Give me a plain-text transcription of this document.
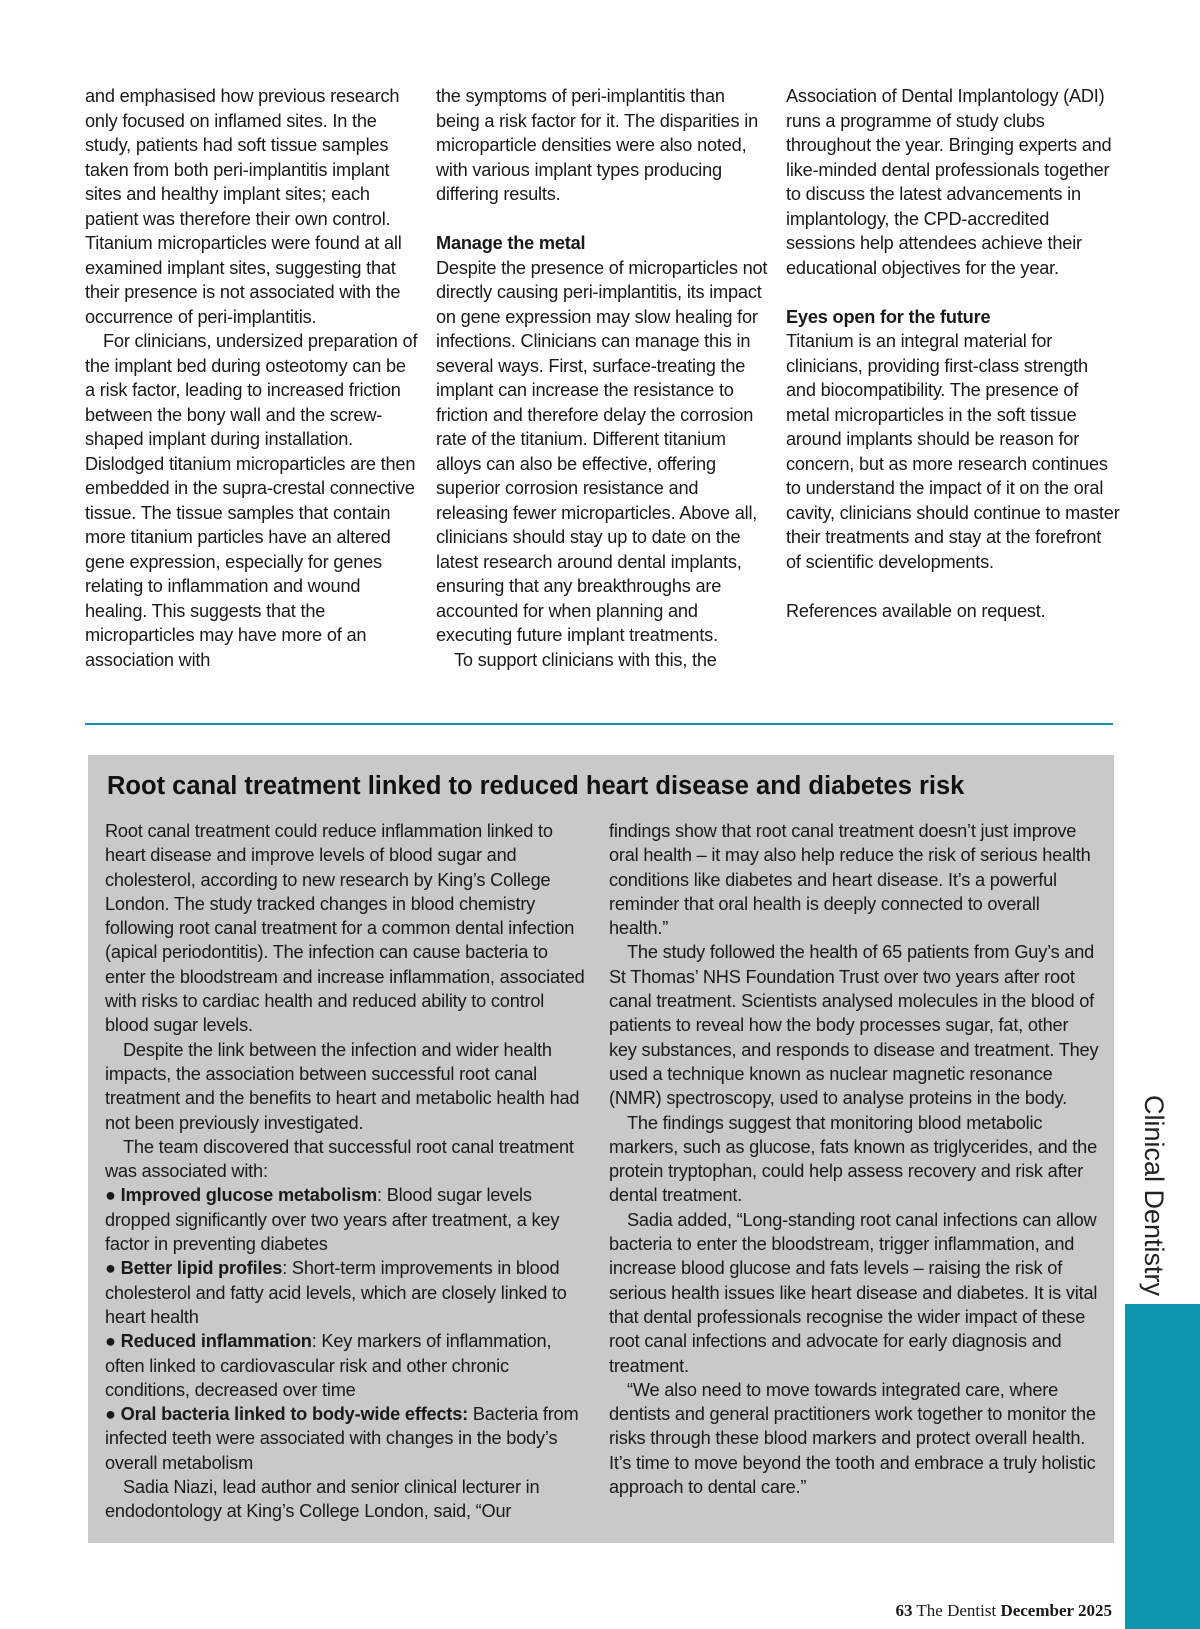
and emphasised how previous research only focused on inflamed sites. In the study, patients had soft tissue samples taken from both peri-implantitis implant sites and healthy implant sites; each patient was therefore their own control. Titanium microparticles were found at all examined implant sites, suggesting that their presence is not associated with the occurrence of peri-implantitis.

For clinicians, undersized preparation of the implant bed during osteotomy can be a risk factor, leading to increased friction between the bony wall and the screw-shaped implant during installation. Dislodged titanium microparticles are then embedded in the supra-crestal connective tissue. The tissue samples that contain more titanium particles have an altered gene expression, especially for genes relating to inflammation and wound healing. This suggests that the microparticles may have more of an association with

the symptoms of peri-implantitis than being a risk factor for it. The disparities in microparticle densities were also noted, with various implant types producing differing results.

Manage the metal

Despite the presence of microparticles not directly causing peri-implantitis, its impact on gene expression may slow healing for infections. Clinicians can manage this in several ways. First, surface-treating the implant can increase the resistance to friction and therefore delay the corrosion rate of the titanium. Different titanium alloys can also be effective, offering superior corrosion resistance and releasing fewer microparticles. Above all, clinicians should stay up to date on the latest research around dental implants, ensuring that any breakthroughs are accounted for when planning and executing future implant treatments.

To support clinicians with this, the

Association of Dental Implantology (ADI) runs a programme of study clubs throughout the year. Bringing experts and like-minded dental professionals together to discuss the latest advancements in implantology, the CPD-accredited sessions help attendees achieve their educational objectives for the year.

Eyes open for the future

Titanium is an integral material for clinicians, providing first-class strength and biocompatibility. The presence of metal microparticles in the soft tissue around implants should be reason for concern, but as more research continues to understand the impact of it on the oral cavity, clinicians should continue to master their treatments and stay at the forefront of scientific developments.

References available on request.

Root canal treatment linked to reduced heart disease and diabetes risk

Root canal treatment could reduce inflammation linked to heart disease and improve levels of blood sugar and cholesterol, according to new research by King’s College London. The study tracked changes in blood chemistry following root canal treatment for a common dental infection (apical periodontitis). The infection can cause bacteria to enter the bloodstream and increase inflammation, associated with risks to cardiac health and reduced ability to control blood sugar levels.

Despite the link between the infection and wider health impacts, the association between successful root canal treatment and the benefits to heart and metabolic health had not been previously investigated.

The team discovered that successful root canal treatment was associated with:

● Improved glucose metabolism: Blood sugar levels dropped significantly over two years after treatment, a key factor in preventing diabetes

● Better lipid profiles: Short-term improvements in blood cholesterol and fatty acid levels, which are closely linked to heart health

● Reduced inflammation: Key markers of inflammation, often linked to cardiovascular risk and other chronic conditions, decreased over time

● Oral bacteria linked to body-wide effects: Bacteria from infected teeth were associated with changes in the body’s overall metabolism

Sadia Niazi, lead author and senior clinical lecturer in endodontology at King’s College London, said, “Our

findings show that root canal treatment doesn’t just improve oral health – it may also help reduce the risk of serious health conditions like diabetes and heart disease. It’s a powerful reminder that oral health is deeply connected to overall health.”

The study followed the health of 65 patients from Guy’s and St Thomas’ NHS Foundation Trust over two years after root canal treatment. Scientists analysed molecules in the blood of patients to reveal how the body processes sugar, fat, other key substances, and responds to disease and treatment. They used a technique known as nuclear magnetic resonance (NMR) spectroscopy, used to analyse proteins in the body.

The findings suggest that monitoring blood metabolic markers, such as glucose, fats known as triglycerides, and the protein tryptophan, could help assess recovery and risk after dental treatment.

Sadia added, “Long-standing root canal infections can allow bacteria to enter the bloodstream, trigger inflammation, and increase blood glucose and fats levels – raising the risk of serious health issues like heart disease and diabetes. It is vital that dental professionals recognise the wider impact of these root canal infections and advocate for early diagnosis and treatment.

“We also need to move towards integrated care, where dentists and general practitioners work together to monitor the risks through these blood markers and protect overall health. It’s time to move beyond the tooth and embrace a truly holistic approach to dental care.”

Clinical Dentistry
63 The Dentist December 2025
